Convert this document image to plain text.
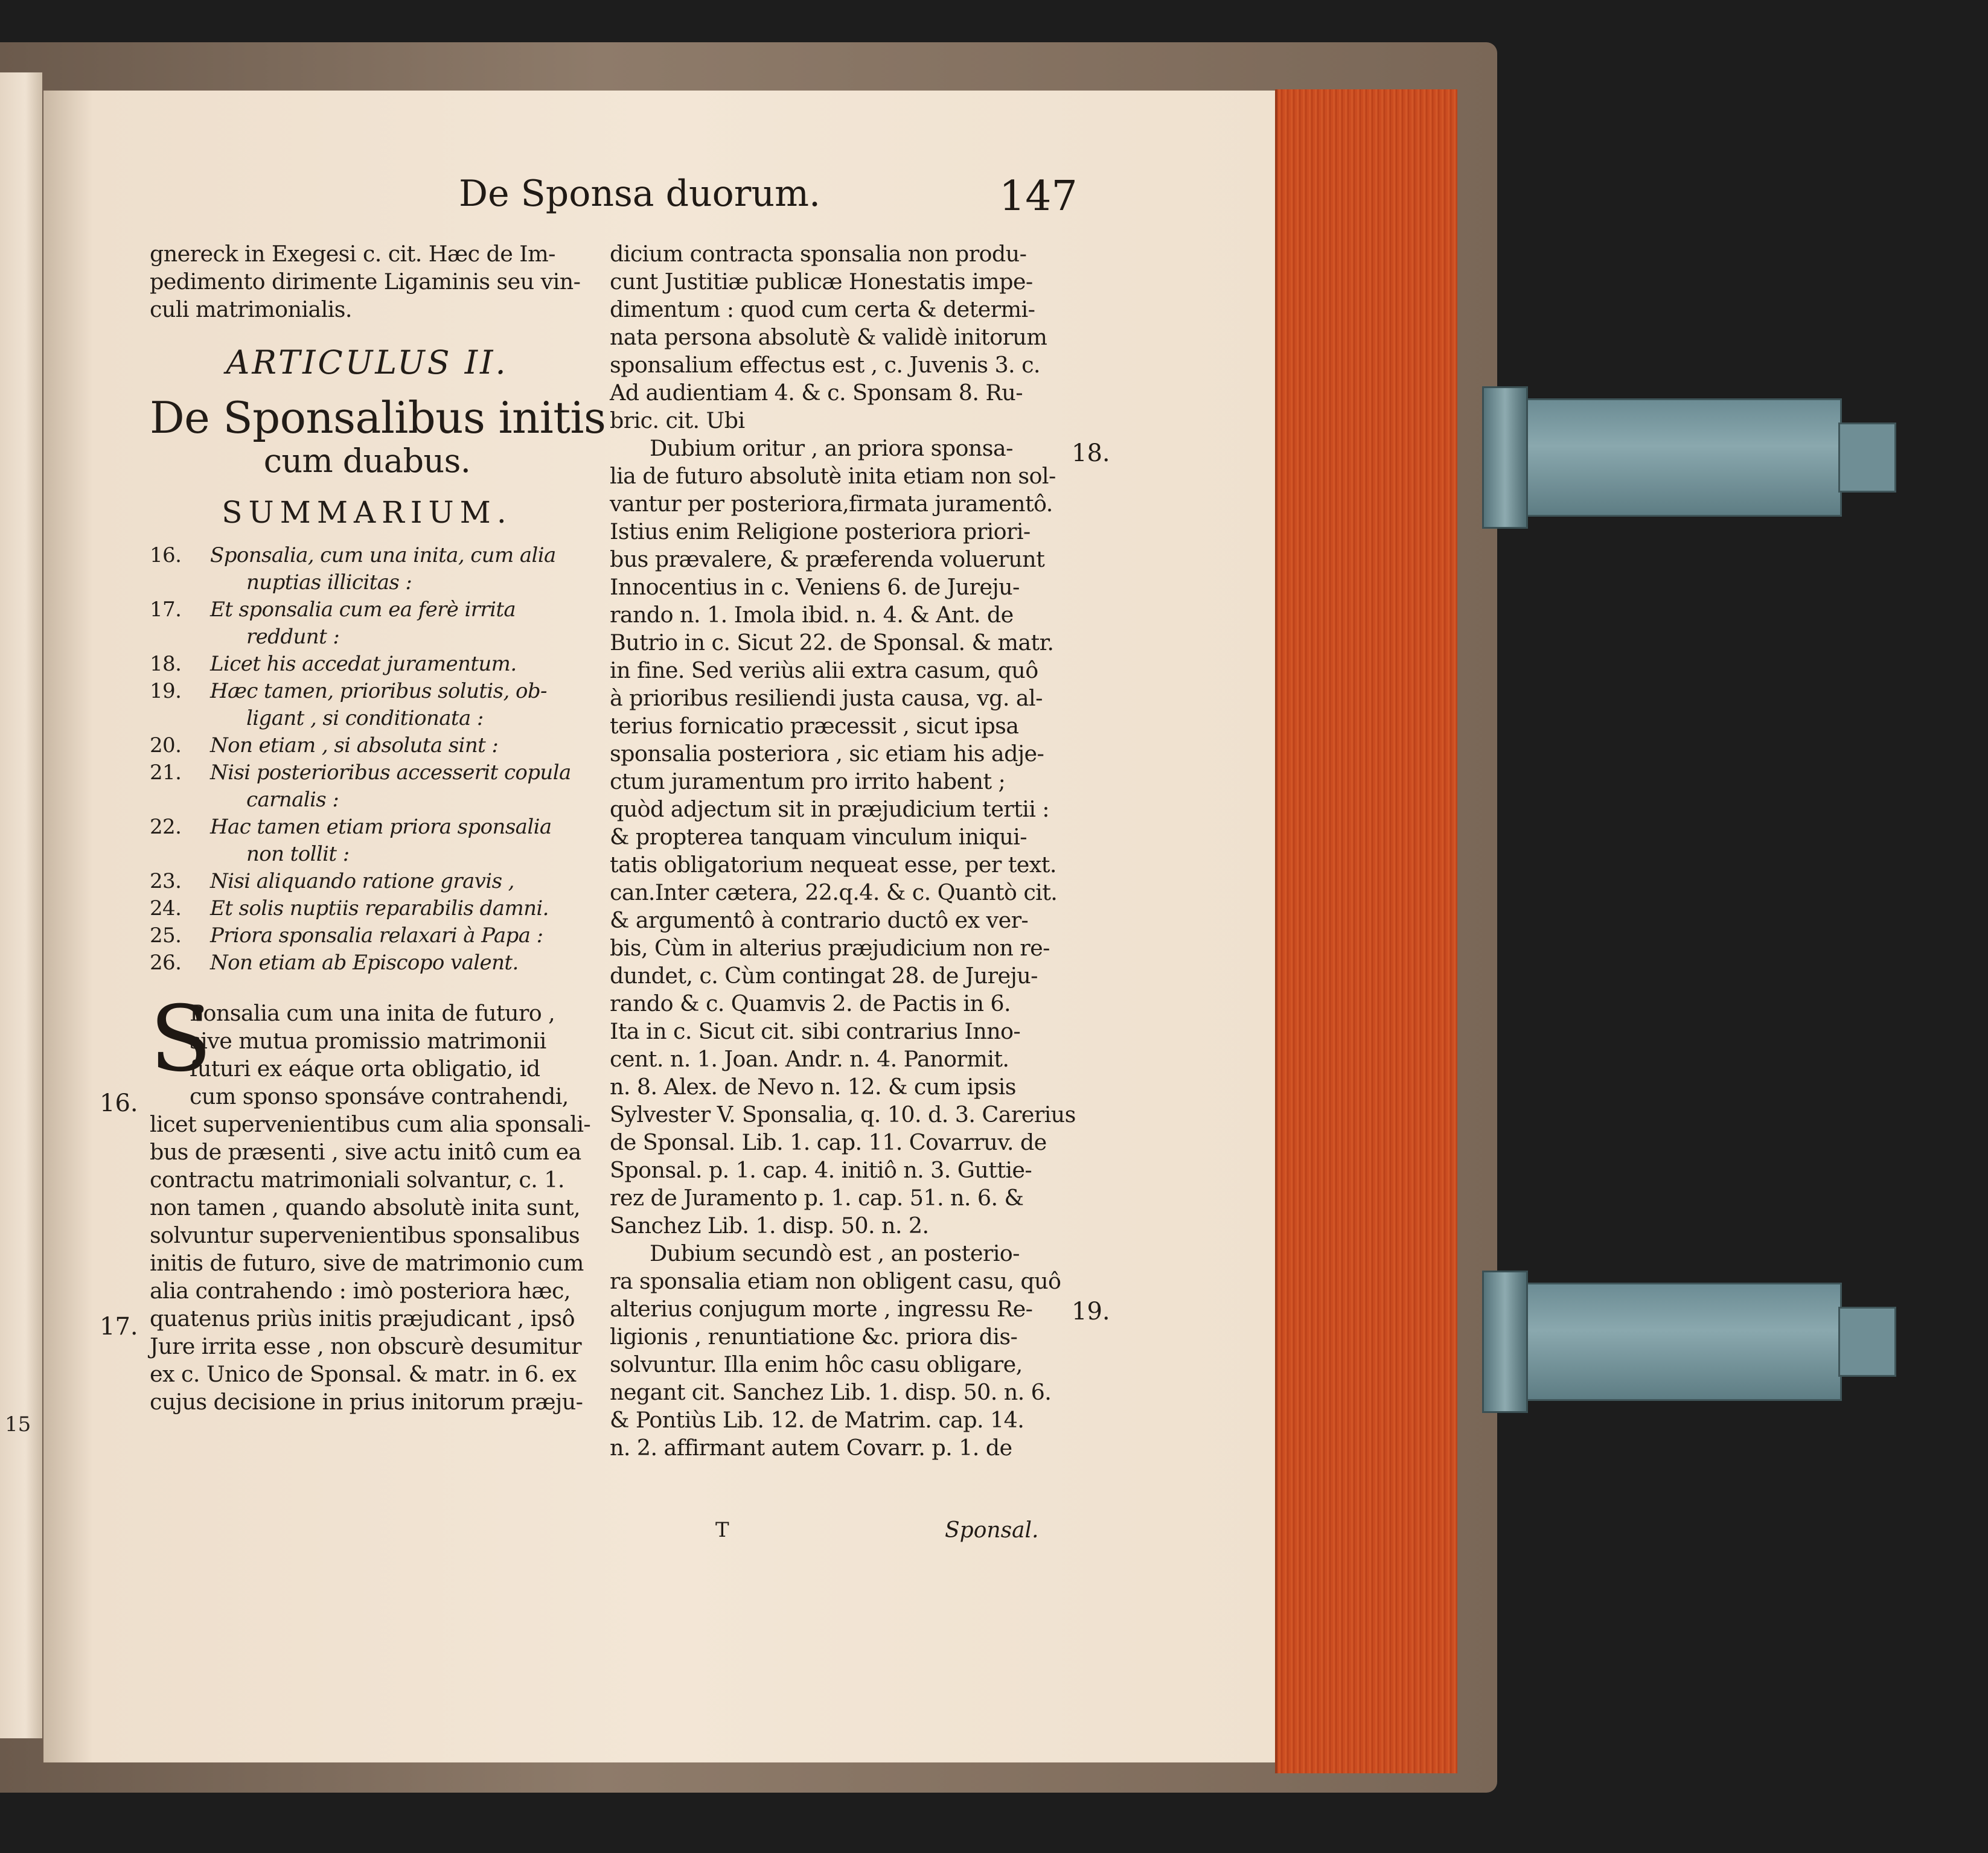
15
De Sponsa duorum.	147

gnereck in Exegesi c. cit. Hæc de Im-

pedimento dirimente Ligaminis seu vin-

culi matrimonialis.

ARTICULUS II.

De Sponsalibus initis

cum duabus.

SUMMARIUM.

16. Sponsalia, cum una inita, cum alia
nuptias illicitas :
17. Et sponsalia cum ea ferè irrita
reddunt :
18. Licet his accedat juramentum.
19. Hæc tamen, prioribus solutis, ob-
ligant , si conditionata :
20. Non etiam , si absoluta sint :
21. Nisi posterioribus accesserit copula
carnalis :
22. Hac tamen etiam priora sponsalia
non tollit :
23. Nisi aliquando ratione gravis ,
24. Et solis nuptiis reparabilis damni.
25. Priora sponsalia relaxari à Papa :
26. Non etiam ab Episcopo valent.
S
Ponsalia cum una inita de futuro ,
sive mutua promissio matrimonii
futuri ex eáque orta obligatio, id
cum sponso sponsáve contrahendi,

licet supervenientibus cum alia sponsali-

bus de præsenti , sive actu initô cum ea

contractu matrimoniali solvantur, c. 1.

non tamen , quando absolutè inita sunt,

solvuntur supervenientibus sponsalibus

initis de futuro, sive de matrimonio cum

alia contrahendo : imò posteriora hæc,

quatenus priùs initis præjudicant , ipsô

Jure irrita esse , non obscurè desumitur

ex c. Unico de Sponsal. & matr. in 6. ex

cujus decisione in prius initorum præju-

16.
17.

dicium contracta sponsalia non produ-

cunt Justitiæ publicæ Honestatis impe-

dimentum : quod cum certa & determi-

nata persona absolutè & validè initorum

sponsalium effectus est , c. Juvenis 3. c.

Ad audientiam 4. & c. Sponsam 8. Ru-

bric. cit. Ubi

Dubium oritur , an priora sponsa-

lia de futuro absolutè inita etiam non sol-

vantur per posteriora,firmata juramentô.

Istius enim Religione posteriora priori-

bus prævalere, & præferenda voluerunt

Innocentius in c. Veniens 6. de Jureju-

rando n. 1. Imola ibid. n. 4. & Ant. de

Butrio in c. Sicut 22. de Sponsal. & matr.

in fine. Sed veriùs alii extra casum, quô

à prioribus resiliendi justa causa, vg. al-

terius fornicatio præcessit , sicut ipsa

sponsalia posteriora , sic etiam his adje-

ctum juramentum pro irrito habent ;

quòd adjectum sit in præjudicium tertii :

& propterea tanquam vinculum iniqui-

tatis obligatorium nequeat esse, per text.

can.Inter cætera, 22.q.4. & c. Quantò cit.

& argumentô à contrario ductô ex ver-

bis, Cùm in alterius præjudicium non re-

dundet, c. Cùm contingat 28. de Jureju-

rando & c. Quamvis 2. de Pactis in 6.

Ita in c. Sicut cit. sibi contrarius Inno-

cent. n. 1. Joan. Andr. n. 4. Panormit.

n. 8. Alex. de Nevo n. 12. & cum ipsis

Sylvester V. Sponsalia, q. 10. d. 3. Carerius

de Sponsal. Lib. 1. cap. 11. Covarruv. de

Sponsal. p. 1. cap. 4. initiô n. 3. Guttie-

rez de Juramento p. 1. cap. 51. n. 6. &

Sanchez Lib. 1. disp. 50. n. 2.

Dubium secundò est , an posterio-

ra sponsalia etiam non obligent casu, quô

alterius conjugum morte , ingressu Re-

ligionis , renuntiatione &c. priora dis-

solvuntur. Illa enim hôc casu obligare,

negant cit. Sanchez Lib. 1. disp. 50. n. 6.

& Pontiùs Lib. 12. de Matrim. cap. 14.

n. 2. affirmant autem Covarr. p. 1. de

18.
19.
T	Sponsal.
